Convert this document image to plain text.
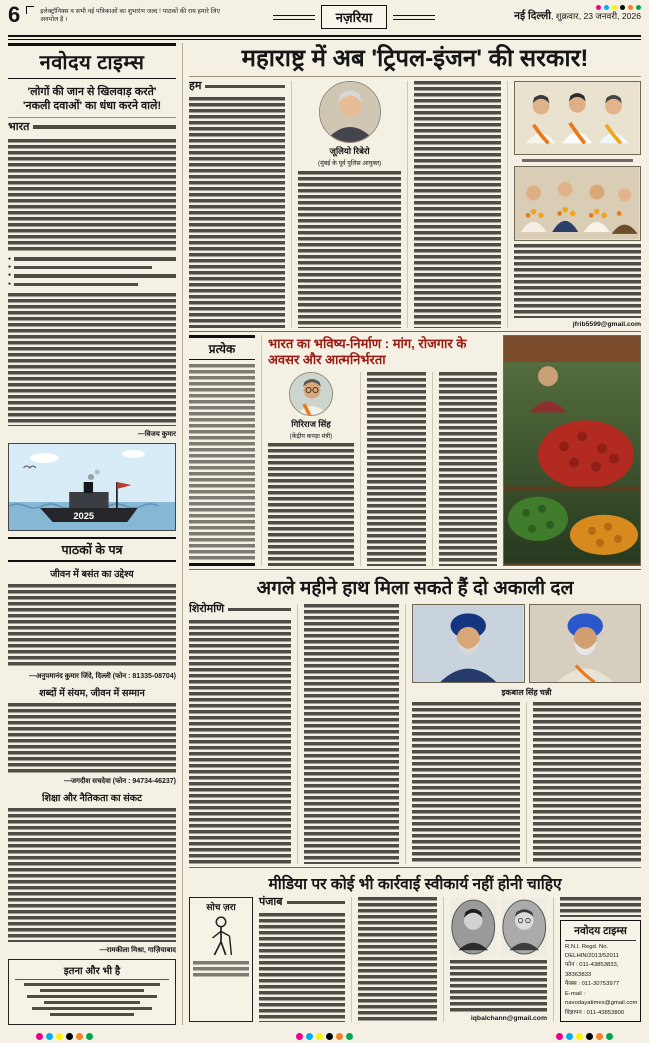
6	इलेक्ट्रॉनिक्स व सभी नई पत्रिकाओं का शुभारंभ जल्द ! पाठकों की राय हमारे लिए अनमोल है ।	नज़रिया	नई दिल्ली, शुक्रवार, 23 जनवरी, 2026
नवोदय टाइम्स
'लोगों की जान से खिलवाड़ करते'
'नकली दवाओं' का धंधा करने वाले!
भारत
●
●
●
●
—विजय कुमार
2025
पाठकों के पत्र
जीवन में बसंत का उद्देश्य
—अनुपमानंद कुमार जिंदे, दिल्ली (फोन : 81335-08704)
शब्दों में संयम, जीवन में सम्मान
—जगदीश सचदेवा (फोन : 94734-46237)
शिक्षा और नैतिकता का संकट
—रामकीला मिश्रा, गाज़ियाबाद
इतना और भी है
महाराष्ट्र में अब 'ट्रिपल-इंजन' की सरकार!
हम
जूलियो रिबेरो
(मुंबई के पूर्व पुलिस आयुक्त)
jfrib5599@gmail.com
प्रत्येक	भारत का भविष्य-निर्माण : मांग, रोजगार के अवसर और आत्मनिर्भरता
गिरिराज सिंह
(केंद्रीय कपड़ा मंत्री)
अगले महीने हाथ मिला सकते हैं दो अकाली दल
शिरोमणि
इकबाल सिंह चन्नी
मीडिया पर कोई भी कार्रवाई स्वीकार्य नहीं होनी चाहिए
सोच ज़रा पंजाब
iqbalchann@gmail.com
नवोदय टाइम्स
R.N.I. Regd. No. DELHIN/2013/52011
फोन : 011-43853833, 38363833
फैक्स : 011-30753977
E-mail : navodayatimes@gmail.com
विज्ञापन : 011-43853800
